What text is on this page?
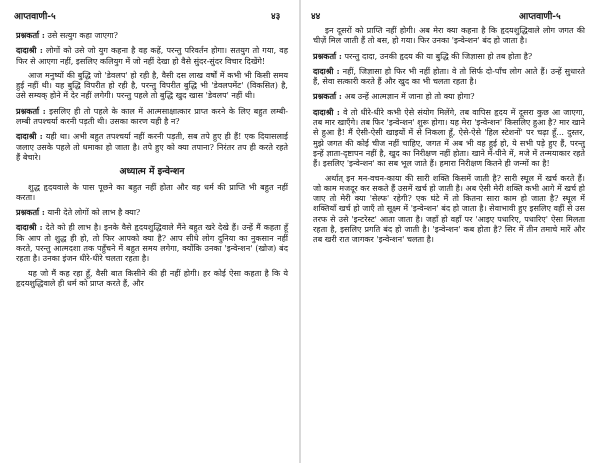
आप्तवाणी-५	४३

प्रश्नकर्ता : उसे सत्युग कहा जाएगा?

दादाश्री : लोगों को उसे जो युग कहना है वह कहें, परन्तु परिवर्तन होगा। सतयुग तो गया, वह फिर से आएगा नहीं, इसलिए कलियुग में जो नहीं देखा हो वैसे सुंदर-सुंदर विचार दिखेंगे!

आज मनुष्यों की बुद्धि जो 'डेवलप' हो रही है, वैसी दस लाख वर्षों में कभी भी किसी समय हुई नहीं थी। यह बुद्धि विपरीत हो रही है, परन्तु विपरीत बुद्धि भी 'डेवलपमेंट' (विकसित) है, उसे सम्यक् होने में देर नहीं लगेगी। परन्तु पहले तो बुद्धि खुद खास 'डेवलप' नहीं थी।

प्रश्नकर्ता : इसलिए ही तो पहले के काल में आत्मसाक्षात्कार प्राप्त करने के लिए बहुत लम्बी-लम्बी तपश्चर्या करनी पड़ती थी। उसका कारण यही है न?

दादाश्री : यही था। अभी बहुत तपश्चर्या नहीं करनी पड़ती, सब तपे हुए ही हैं! एक दियासलाई जलाए उसके पहले तो धमाका हो जाता है। तपे हुए को क्या तपाना? निरंतर तप ही करते रहते हैं बेचारे।

अध्यात्म में इन्वेन्शन

शुद्ध हृदयवाले के पास पूछने का बहुत नहीं होता और वह धर्म की प्राप्ति भी बहुत नहीं करता।

प्रश्नकर्ता : यानी देते लोगों को लाभ है क्या?

दादाश्री : देते को ही लाभ है। इनके वैसे हृदयशुद्धिवाले मैंने बहुत खरे देखे हैं। उन्हें मैं कहता हूँ कि आप तो शुद्ध ही हो, तो फिर आपको क्या है? आप सीधे लोग दुनिया का नुकसान नहीं करते, परन्तु आत्मदशा तक पहुँचने में बहुत समय लगेगा, क्योंकि उनका 'इन्वेन्शन' (खोज) बंद रहता है। उनका इंजन धीरे-धीरे चलता रहता है।

यह जो मैं कह रहा हूँ, वैसी बात किसीने की ही नहीं होगी। हर कोई ऐसा कहता है कि ये हृदयशुद्धिवाले ही धर्म को प्राप्त करते हैं, और

४४	आप्तवाणी-५

इन दूसरों को प्राप्ति नहीं होगी। अब मेरा क्या कहना है कि हृदयशुद्धिवाले लोग जगत की चीज़ें मिल जाती हैं तो बस, हो गया। फिर उनका 'इन्वेन्शन' बंद हो जाता है।

प्रश्नकर्ता : परन्तु दादा, उनकी हृदय की या बुद्धि की जिज्ञासा हो तब होता है?

दादाश्री : नहीं, जिज्ञासा हो फिर भी नहीं होता। वे तो सिर्फ दो-पाँच लोग आते हैं। उन्हें सुधारते हैं, सेवा सत्कारी करते हैं और खुद का भी चलता रहता है।

प्रश्नकर्ता : अब उन्हें आत्मज्ञान में जाना हो तो क्या होगा?

दादाश्री : वे तो धीरे-धीरे कभी ऐसे संयोग मिलेंगे, तब वापिस हृदय में दूसरा कुछ आ जाएगा, तब मार खाएँगे। तब फिर 'इन्वेन्शन' शुरू होगा। यह मेरा 'इन्वेन्शन' किसलिए हुआ है? मार खाने से हुआ है! मैं ऐसी-ऐसी खाइयों में से निकला हूँ, ऐसे-ऐसे 'हिल स्टेशनों' पर चढ़ा हूँ... दुस्तर, मुझे जगत की कोई चीज नहीं चाहिए, जगत में अब भी वह हुई हो, ये सभी पड़े हुए हैं, परन्तु इन्हें ज्ञाता-दृष्टापन नहीं है, खुद का निरीक्षण नहीं होता। खाने में-पीने में, मजे में तन्मयाकार रहते हैं। इसलिए 'इन्वेन्शन' का सब भूल जाते हैं। हमारा निरीक्षण कितने ही जन्मों का है!

अर्थात् इन मन-वचन-काया की सारी शक्ति किसमें जाती है? सारी स्थूल में खर्च करते हैं। जो काम मजदूर कर सकते हैं उसमें खर्च हो जाती है। अब ऐसी मेरी शक्ति कभी आगे में खर्च हो जाए तो मेरी क्या 'सेल्फ' रहेगी? एक घंटे में तो कितना सारा काम हो जाता है? स्थूल में शक्तियाँ खर्च हो जाएँ तो सूक्ष्म में 'इन्वेन्शन' बंद हो जाता है। सेवाभावी हुए इसलिए वहीं से उस तरफ से उसे 'इन्टरेस्ट' आता जाता है। जहाँ हो वहाँ पर 'आइए पधारिए, पधारिए' ऐसा मिलता रहता है, इसलिए प्रगति बंद हो जाती है। 'इन्वेन्शन' कब होता है? सिर में तीन तमाचे मारें और तब खरी रात जागकर 'इन्वेन्शन' चलता है।
